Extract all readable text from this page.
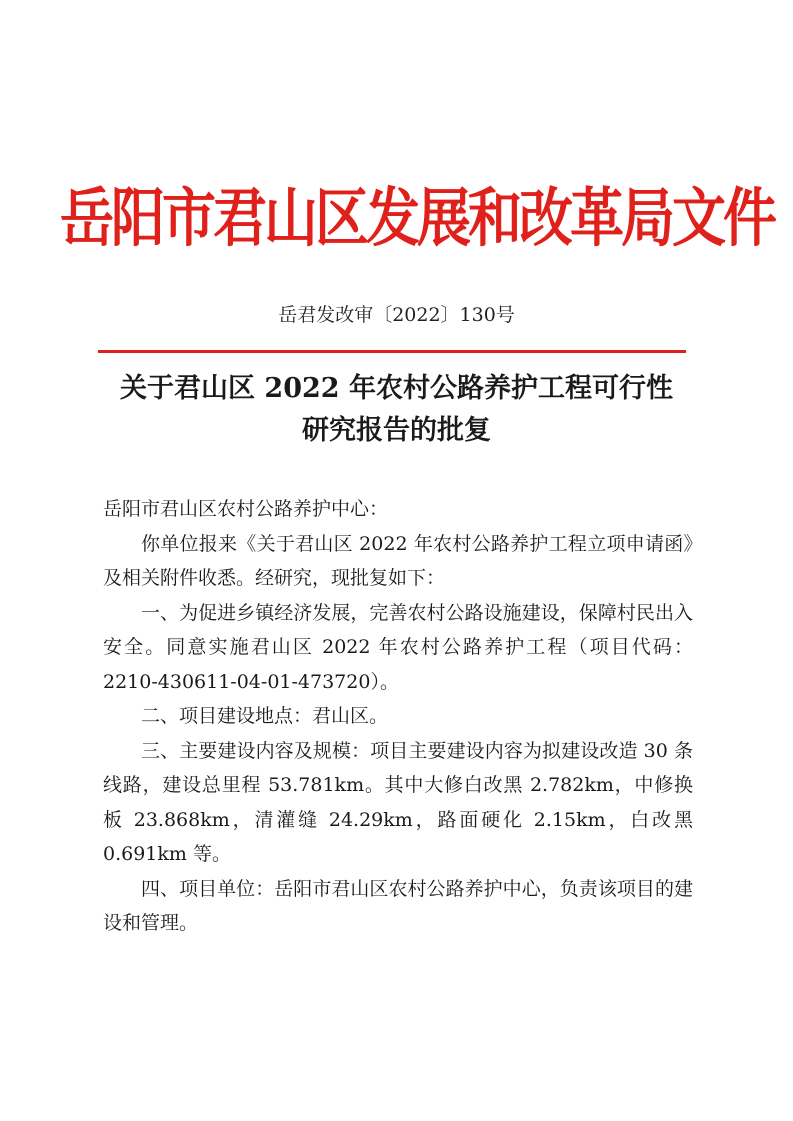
岳阳市君山区发展和改革局文件
岳君发改审〔2022〕130号
关于君山区 2022 年农村公路养护工程可行性
研究报告的批复

岳阳市君山区农村公路养护中心：

你单位报来《关于君山区 2022 年农村公路养护工程立项申请函》及相关附件收悉。经研究，现批复如下：

一、为促进乡镇经济发展，完善农村公路设施建设，保障村民出入安全。同意实施君山区 2022 年农村公路养护工程（项目代码：2210-430611-04-01-473720）。

二、项目建设地点：君山区。

三、主要建设内容及规模：项目主要建设内容为拟建设改造 30 条线路，建设总里程 53.781km。其中大修白改黑 2.782km，中修换板 23.868km，清灌缝 24.29km，路面硬化 2.15km，白改黑 0.691km 等。

四、项目单位：岳阳市君山区农村公路养护中心，负责该项目的建设和管理。
